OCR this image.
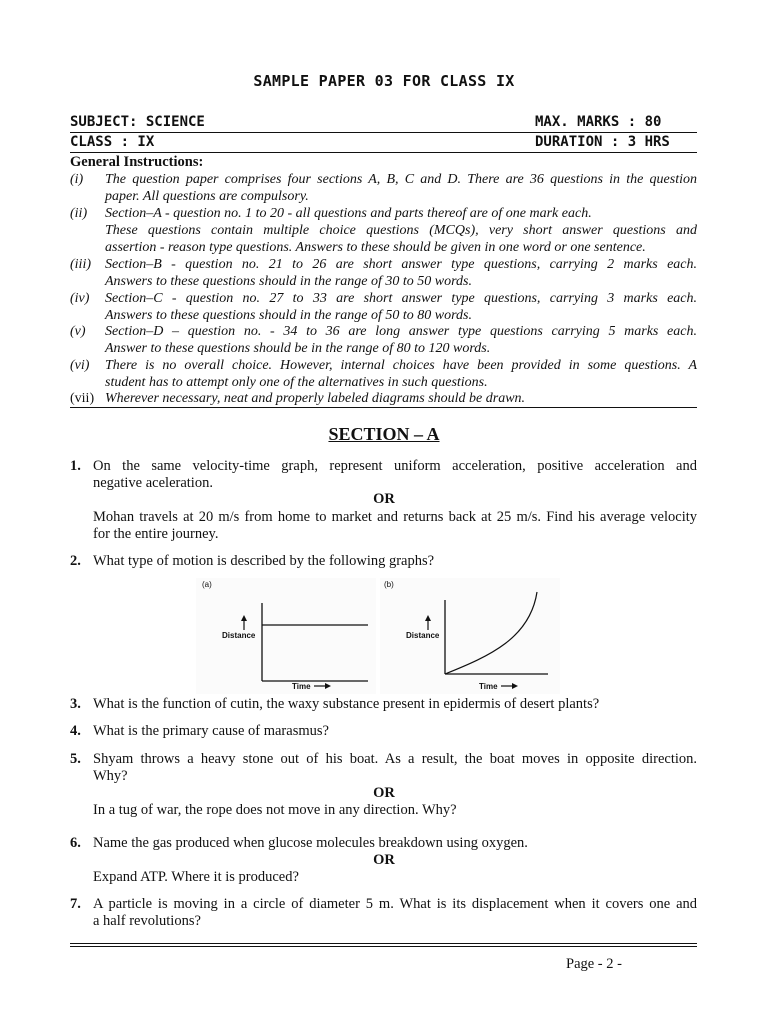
SAMPLE PAPER 03 FOR CLASS IX
SUBJECT: SCIENCE	MAX. MARKS : 80
CLASS : IX	DURATION : 3 HRS
General Instructions:
(i) The question paper comprises four sections A, B, C and D. There are 36 questions in the question
paper. All questions are compulsory.
(ii) Section–A - question no. 1 to 20 - all questions and parts thereof are of one mark each.
These questions contain multiple choice questions (MCQs), very short answer questions and
assertion - reason type questions. Answers to these should be given in one word or one sentence.
(iii) Section–B - question no. 21 to 26 are short answer type questions, carrying 2 marks each.
Answers to these questions should in the range of 30 to 50 words.
(iv) Section–C - question no. 27 to 33 are short answer type questions, carrying 3 marks each.
Answers to these questions should in the range of 50 to 80 words.
(v) Section–D – question no. - 34 to 36 are long answer type questions carrying 5 marks each.
Answer to these questions should be in the range of 80 to 120 words.
(vi) There is no overall choice. However, internal choices have been provided in some questions. A
student has to attempt only one of the alternatives in such questions.
(vii) Wherever necessary, neat and properly labeled diagrams should be drawn.
SECTION – A
1. On the same velocity-time graph, represent uniform acceleration, positive acceleration and
negative aceleration.
OR
Mohan travels at 20 m/s from home to market and returns back at 25 m/s. Find his average velocity
for the entire journey.
2. What type of motion is described by the following graphs?
(a)
Distance
Time
(b)
Distance
Time
3. What is the function of cutin, the waxy substance present in epidermis of desert plants?
4. What is the primary cause of marasmus?
5. Shyam throws a heavy stone out of his boat. As a result, the boat moves in opposite direction.
Why?
OR
In a tug of war, the rope does not move in any direction. Why?
6. Name the gas produced when glucose molecules breakdown using oxygen.
OR
Expand ATP. Where it is produced?
7. A particle is moving in a circle of diameter 5 m. What is its displacement when it covers one and
a half revolutions?
Page - 2 -
